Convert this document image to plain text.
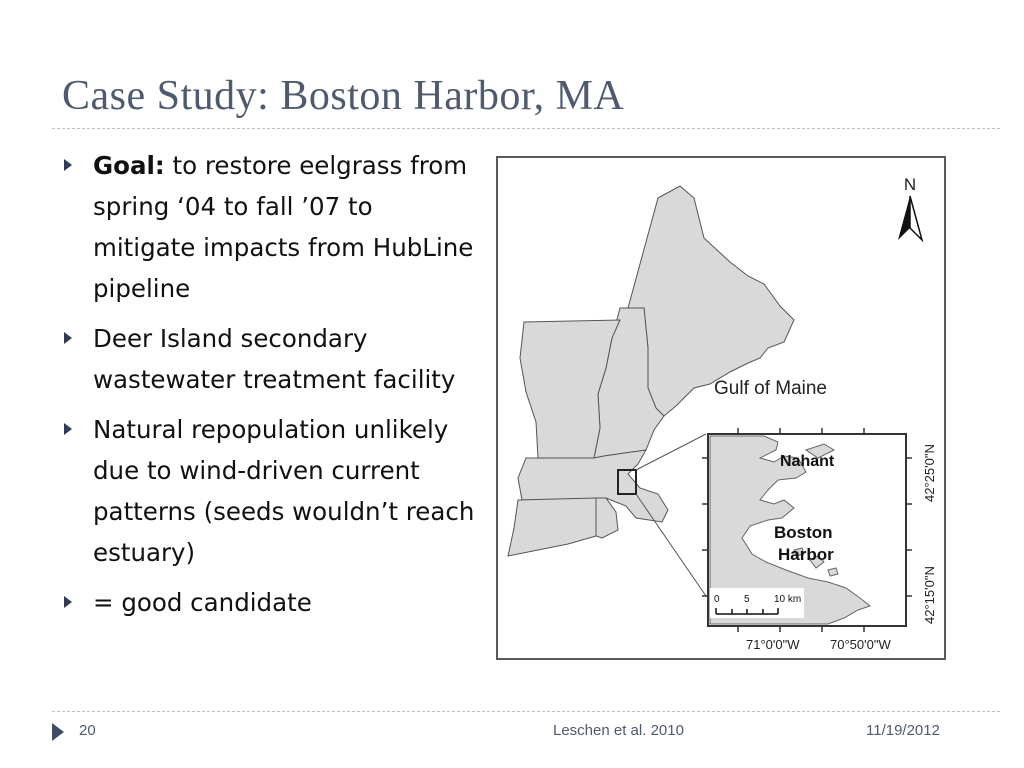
Case Study: Boston Harbor, MA
Goal: to restore eelgrass from spring ‘04 to fall ’07 to mitigate impacts from HubLine pipeline
Deer Island secondary wastewater treatment facility
Natural repopulation unlikely due to wind-driven current patterns (seeds wouldn’t reach estuary)
= good candidate
N
Gulf of Maine
Nahant
Boston
Harbor
0 5 10 km
71°0'0"W 70°50'0"W
42°25'0"N
42°15'0"N
20	Leschen et al. 2010	11/19/2012
